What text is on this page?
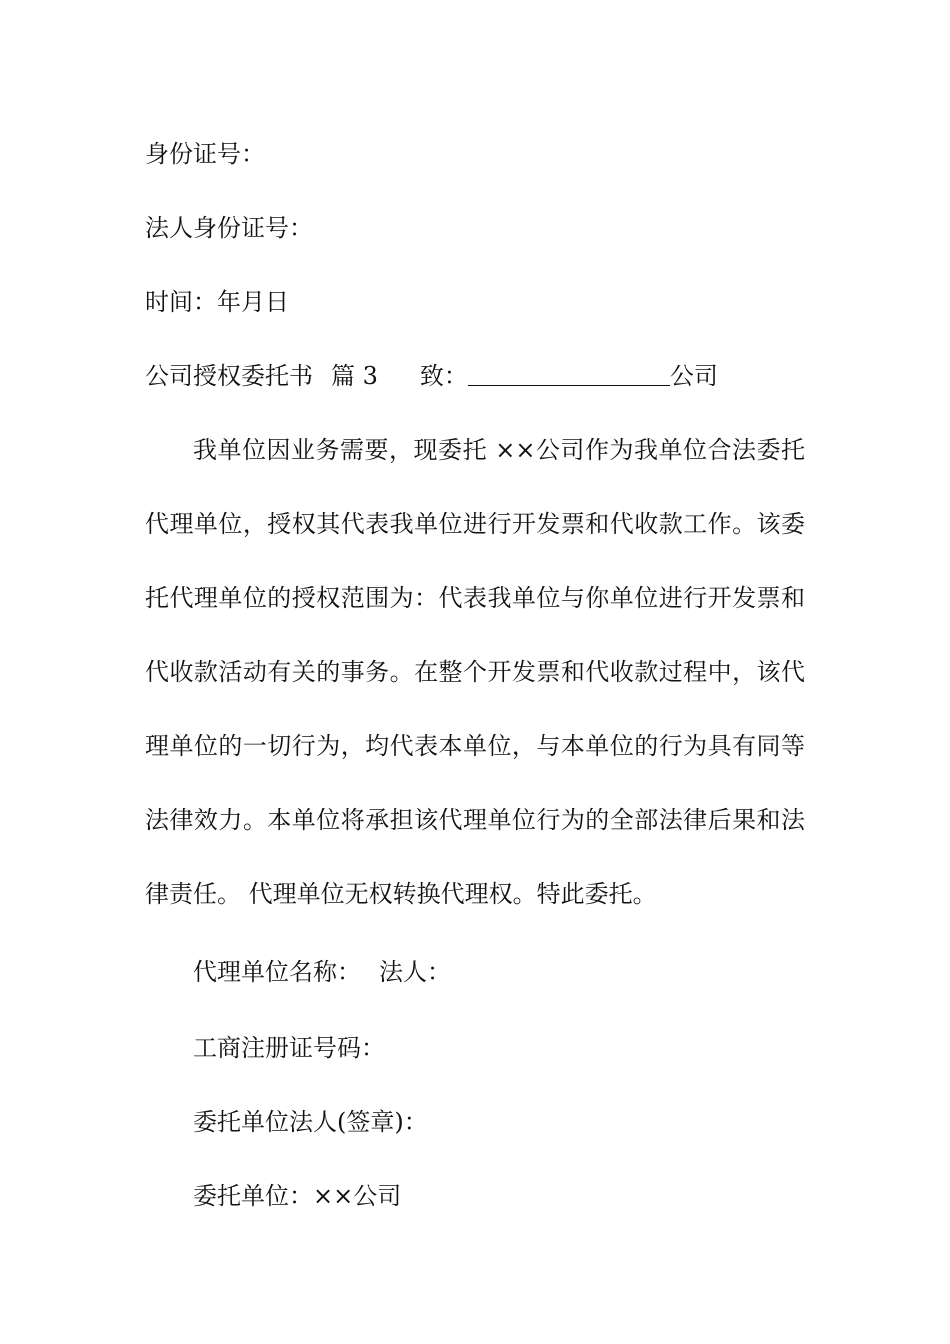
身份证号：
法人身份证号：
时间：年月日
公司授权委托书 篇 3 致：	公司
我单位因业务需要，现委托 ××公司作为我单位合法委托
代理单位，授权其代表我单位进行开发票和代收款工作。该委
托代理单位的授权范围为：代表我单位与你单位进行开发票和
代收款活动有关的事务。在整个开发票和代收款过程中，该代
理单位的一切行为，均代表本单位，与本单位的行为具有同等
法律效力。本单位将承担该代理单位行为的全部法律后果和法
律责任。 代理单位无权转换代理权。特此委托。
代理单位名称： 法人：
工商注册证号码：
委托单位法人(签章)：
委托单位：××公司
